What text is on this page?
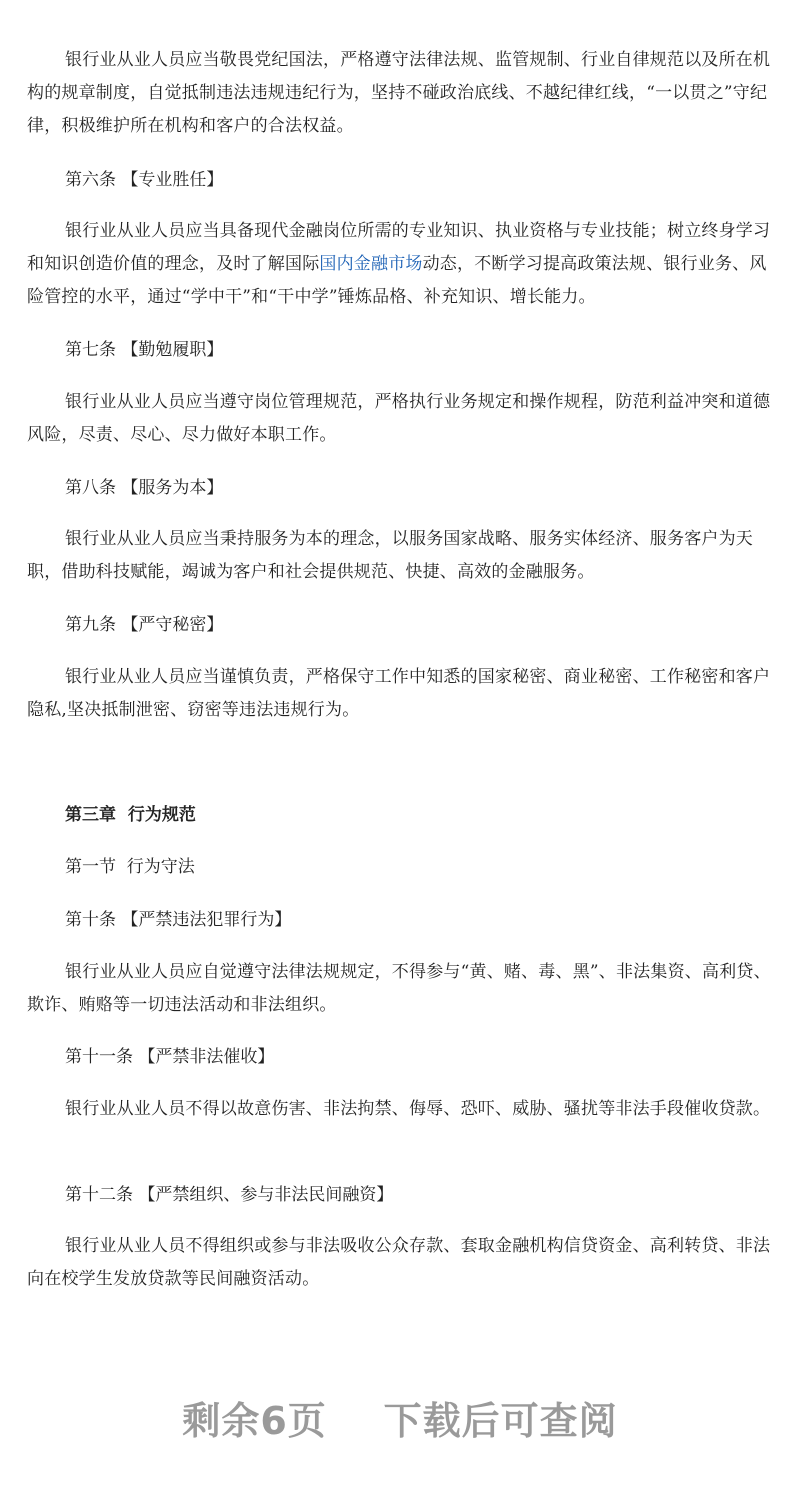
银行业从业人员应当敬畏党纪国法，严格遵守法律法规、监管规制、行业自律规范以及所在机构的规章制度，自觉抵制违法违规违纪行为，坚持不碰政治底线、不越纪律红线，“一以贯之”守纪律，积极维护所在机构和客户的合法权益。

第六条 【专业胜任】

银行业从业人员应当具备现代金融岗位所需的专业知识、执业资格与专业技能；树立终身学习和知识创造价值的理念，及时了解国际国内金融市场动态，不断学习提高政策法规、银行业务、风险管控的水平，通过“学中干”和“干中学”锤炼品格、补充知识、增长能力。

第七条 【勤勉履职】

银行业从业人员应当遵守岗位管理规范，严格执行业务规定和操作规程，防范利益冲突和道德风险，尽责、尽心、尽力做好本职工作。

第八条 【服务为本】

银行业从业人员应当秉持服务为本的理念，以服务国家战略、服务实体经济、服务客户为天职，借助科技赋能，竭诚为客户和社会提供规范、快捷、高效的金融服务。

第九条 【严守秘密】

银行业从业人员应当谨慎负责，严格保守工作中知悉的国家秘密、商业秘密、工作秘密和客户隐私,坚决抵制泄密、窃密等违法违规行为。

第三章  行为规范

第一节  行为守法

第十条 【严禁违法犯罪行为】

银行业从业人员应自觉遵守法律法规规定，不得参与“黄、赌、毒、黑”、非法集资、高利贷、欺诈、贿赂等一切违法活动和非法组织。

第十一条 【严禁非法催收】

银行业从业人员不得以故意伤害、非法拘禁、侮辱、恐吓、威胁、骚扰等非法手段催收贷款。

第十二条 【严禁组织、参与非法民间融资】

银行业从业人员不得组织或参与非法吸收公众存款、套取金融机构信贷资金、高利转贷、非法向在校学生发放贷款等民间融资活动。

剩余6页    下载后可查阅
